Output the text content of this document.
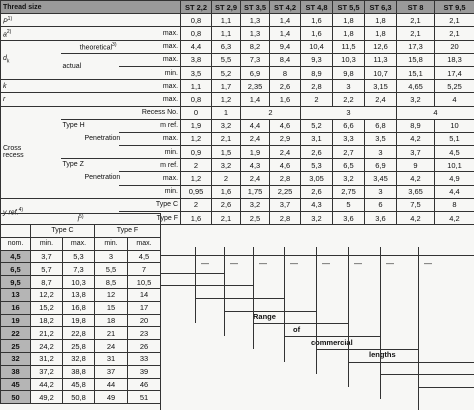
Thread size			ST 2,2	ST 2,9	ST 3,5	ST 4,2	ST 4,8	ST 5,5	ST 6,3	ST 8	ST 9,5
$P^{1)}$			0,8	1,1	1,3	1,4	1,6	1,8	1,8	2,1	2,1
$a^{2)}$		max.	0,8	1,1	1,3	1,4	1,6	1,8	1,8	2,1	2,1
$d_k$	theoretical$^{3)}$	max.	4,4	6,3	8,2	9,4	10,4	11,5	12,6	17,3	20
	actual	max.	3,8	5,5	7,3	8,4	9,3	10,3	11,3	15,8	18,3
		min.	3,5	5,2	6,9	8	8,9	9,8	10,7	15,1	17,4
k		max.	1,1	1,7	2,35	2,6	2,8	3	3,15	4,65	5,25
r		max.	0,8	1,2	1,4	1,6	2	2,2	2,4	3,2	4
Cross
recess	Recess No.		0	1	2		3			4	
	Type H
Penetration	m ref.	1,9	3,2	4,4	4,6	5,2	6,6	6,8	8,9	10
		max.	1,2	2,1	2,4	2,9	3,1	3,3	3,5	4,2	5,1
		min.	0,9	1,5	1,9	2,4	2,6	2,7	3	3,7	4,5
	Type Z
Penetration	m ref.	2	3,2	4,3	4,6	5,3	6,5	6,9	9	10,1
		max.	1,2	2	2,4	2,8	3,05	3,2	3,45	4,2	4,9
		min.	0,95	1,6	1,75	2,25	2,6	2,75	3	3,65	4,4
y ref.$^{4)}$		Type C	2	2,6	3,2	3,7	4,3	5	6	7,5	8
		Type F	1,6	2,1	2,5	2,8	3,2	3,6	3,6	4,2	4,2
$l^{5)}$
	Type C		Type F	
nom.	min.	max.	min.	max.
4,5	3,7	5,3	3	4,5
6,5	5,7	7,3	5,5	7
9,5	8,7	10,3	8,5	10,5
13	12,2	13,8	12	14
16	15,2	16,8	15	17
19	18,2	19,8	18	20
22	21,2	22,8	21	23
25	24,2	25,8	24	26
32	31,2	32,8	31	33
38	37,2	38,8	37	39
45	44,2	45,8	44	46
50	49,2	50,8	49	51
Range
of
commercial
lengths
—	—	—	—	—	—	—	—
